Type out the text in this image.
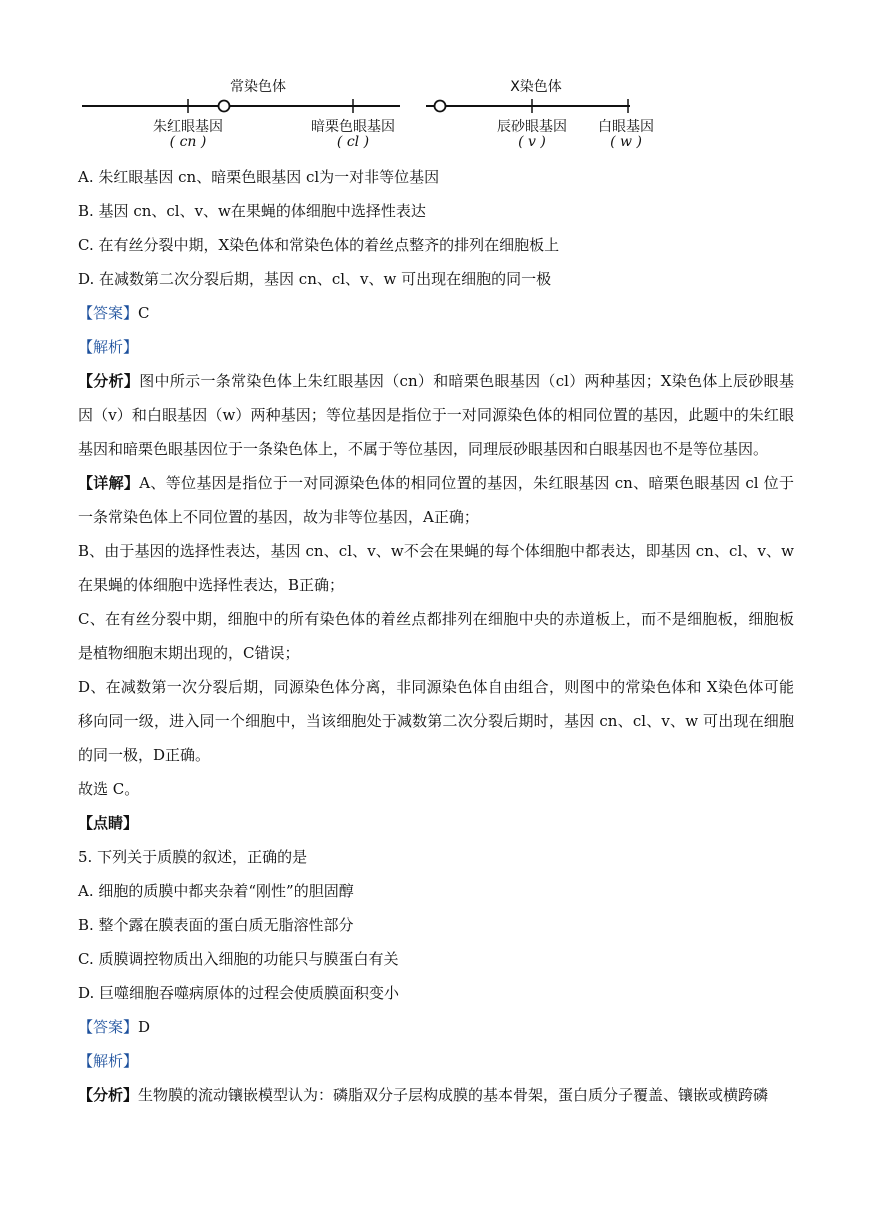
常染色体	X染色体
朱红眼基因
( cn )
暗栗色眼基因
( cl )
辰砂眼基因
( v )
白眼基因
( w )
A. 朱红眼基因 cn、暗栗色眼基因 cl为一对非等位基因
B. 基因 cn、cl、v、w在果蝇的体细胞中选择性表达
C. 在有丝分裂中期，X染色体和常染色体的着丝点整齐的排列在细胞板上
D. 在减数第二次分裂后期，基因 cn、cl、v、w 可出现在细胞的同一极
【答案】C
【解析】
【分析】图中所示一条常染色体上朱红眼基因（cn）和暗栗色眼基因（cl）两种基因；X染色体上辰砂眼基因（v）和白眼基因（w）两种基因；等位基因是指位于一对同源染色体的相同位置的基因，此题中的朱红眼基因和暗栗色眼基因位于一条染色体上，不属于等位基因，同理辰砂眼基因和白眼基因也不是等位基因。
【详解】A、等位基因是指位于一对同源染色体的相同位置的基因，朱红眼基因 cn、暗栗色眼基因 cl 位于一条常染色体上不同位置的基因，故为非等位基因，A正确；
B、由于基因的选择性表达，基因 cn、cl、v、w不会在果蝇的每个体细胞中都表达，即基因 cn、cl、v、w在果蝇的体细胞中选择性表达，B正确；
C、在有丝分裂中期，细胞中的所有染色体的着丝点都排列在细胞中央的赤道板上，而不是细胞板，细胞板是植物细胞末期出现的，C错误；
D、在减数第一次分裂后期，同源染色体分离，非同源染色体自由组合，则图中的常染色体和 X染色体可能移向同一级，进入同一个细胞中，当该细胞处于减数第二次分裂后期时，基因 cn、cl、v、w 可出现在细胞的同一极，D正确。
故选 C。
【点睛】
5. 下列关于质膜的叙述，正确的是
A. 细胞的质膜中都夹杂着“刚性”的胆固醇
B. 整个露在膜表面的蛋白质无脂溶性部分
C. 质膜调控物质出入细胞的功能只与膜蛋白有关
D. 巨噬细胞吞噬病原体的过程会使质膜面积变小
【答案】D
【解析】
【分析】生物膜的流动镶嵌模型认为：磷脂双分子层构成膜的基本骨架，蛋白质分子覆盖、镶嵌或横跨磷
